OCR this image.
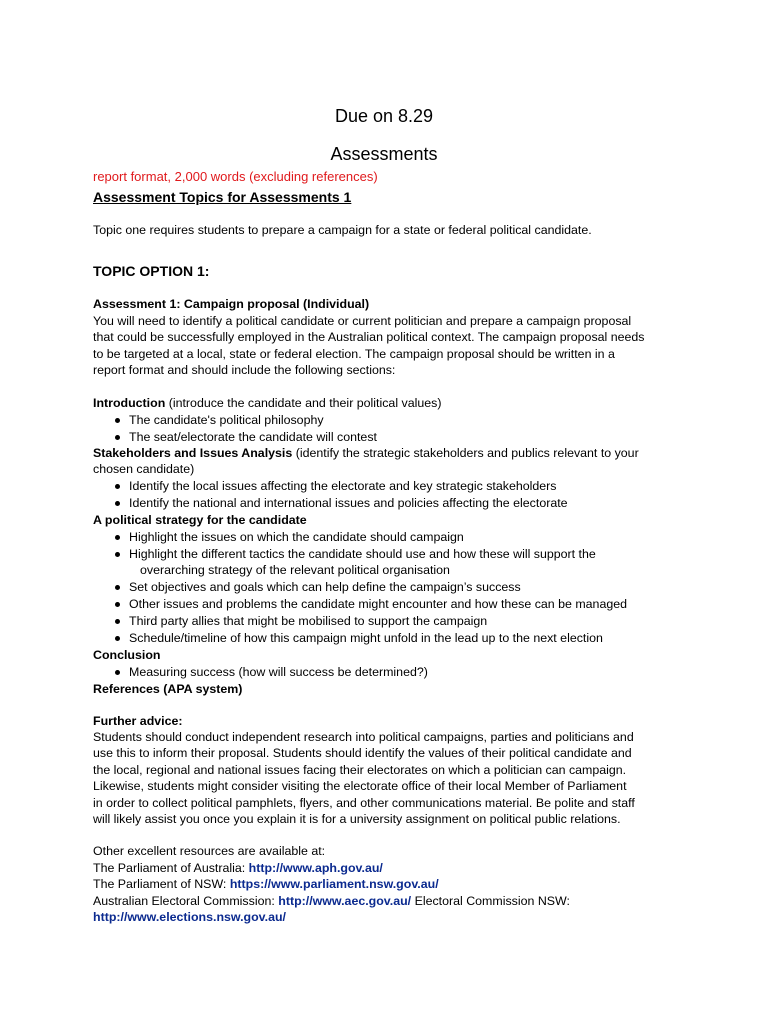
Due on 8.29
Assessments
report format, 2,000 words (excluding references)
Assessment Topics for Assessments 1
Topic one requires students to prepare a campaign for a state or federal political candidate.
TOPIC OPTION 1:
Assessment 1: Campaign proposal (Individual)
You will need to identify a political candidate or current politician and prepare a campaign proposal
that could be successfully employed in the Australian political context. The campaign proposal needs
to be targeted at a local, state or federal election. The campaign proposal should be written in a
report format and should include the following sections:
Introduction (introduce the candidate and their political values)
The candidate's political philosophy
The seat/electorate the candidate will contest
Stakeholders and Issues Analysis (identify the strategic stakeholders and publics relevant to your
chosen candidate)
Identify the local issues affecting the electorate and key strategic stakeholders
Identify the national and international issues and policies affecting the electorate
A political strategy for the candidate
Highlight the issues on which the candidate should campaign
Highlight the different tactics the candidate should use and how these will support the
overarching strategy of the relevant political organisation
Set objectives and goals which can help define the campaign’s success
Other issues and problems the candidate might encounter and how these can be managed
Third party allies that might be mobilised to support the campaign
Schedule/timeline of how this campaign might unfold in the lead up to the next election
Conclusion
Measuring success (how will success be determined?)
References (APA system)
Further advice:
Students should conduct independent research into political campaigns, parties and politicians and
use this to inform their proposal. Students should identify the values of their political candidate and
the local, regional and national issues facing their electorates on which a politician can campaign.
Likewise, students might consider visiting the electorate office of their local Member of Parliament
in order to collect political pamphlets, flyers, and other communications material. Be polite and staff
will likely assist you once you explain it is for a university assignment on political public relations.
Other excellent resources are available at:
The Parliament of Australia: http://www.aph.gov.au/
The Parliament of NSW: https://www.parliament.nsw.gov.au/
Australian Electoral Commission: http://www.aec.gov.au/ Electoral Commission NSW:
http://www.elections.nsw.gov.au/
